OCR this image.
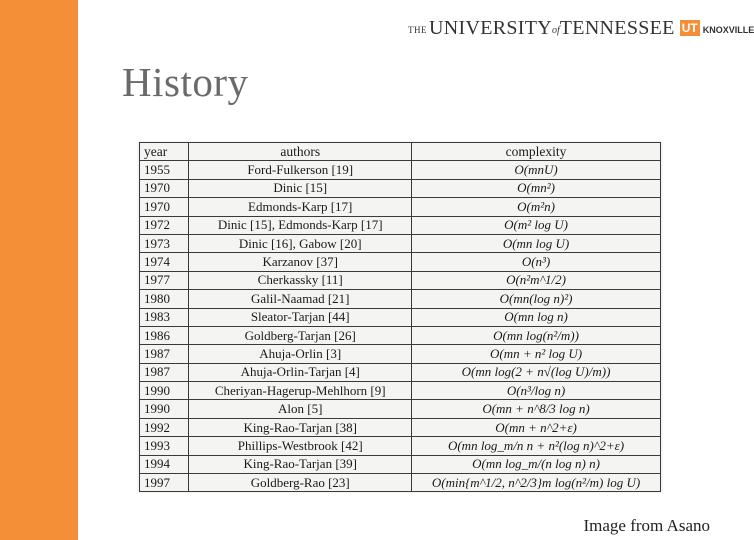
THE UNIVERSITY of TENNESSEE UT KNOXVILLE
History
year	authors	complexity
1955	Ford-Fulkerson [19]	O(mnU)
1970	Dinic [15]	O(mn²)
1970	Edmonds-Karp [17]	O(m²n)
1972	Dinic [15], Edmonds-Karp [17]	O(m² log U)
1973	Dinic [16], Gabow [20]	O(mn log U)
1974	Karzanov [37]	O(n³)
1977	Cherkassky [11]	O(n²m^1/2)
1980	Galil-Naamad [21]	O(mn(log n)²)
1983	Sleator-Tarjan [44]	O(mn log n)
1986	Goldberg-Tarjan [26]	O(mn log(n²/m))
1987	Ahuja-Orlin [3]	O(mn + n² log U)
1987	Ahuja-Orlin-Tarjan [4]	O(mn log(2 + n√(log U)/m))
1990	Cheriyan-Hagerup-Mehlhorn [9]	O(n³/log n)
1990	Alon [5]	O(mn + n^8/3 log n)
1992	King-Rao-Tarjan [38]	O(mn + n^2+ε)
1993	Phillips-Westbrook [42]	O(mn log_m/n n + n²(log n)^2+ε)
1994	King-Rao-Tarjan [39]	O(mn log_m/(n log n) n)
1997	Goldberg-Rao [23]	O(min{m^1/2, n^2/3}m log(n²/m) log U)
Image from Asano
